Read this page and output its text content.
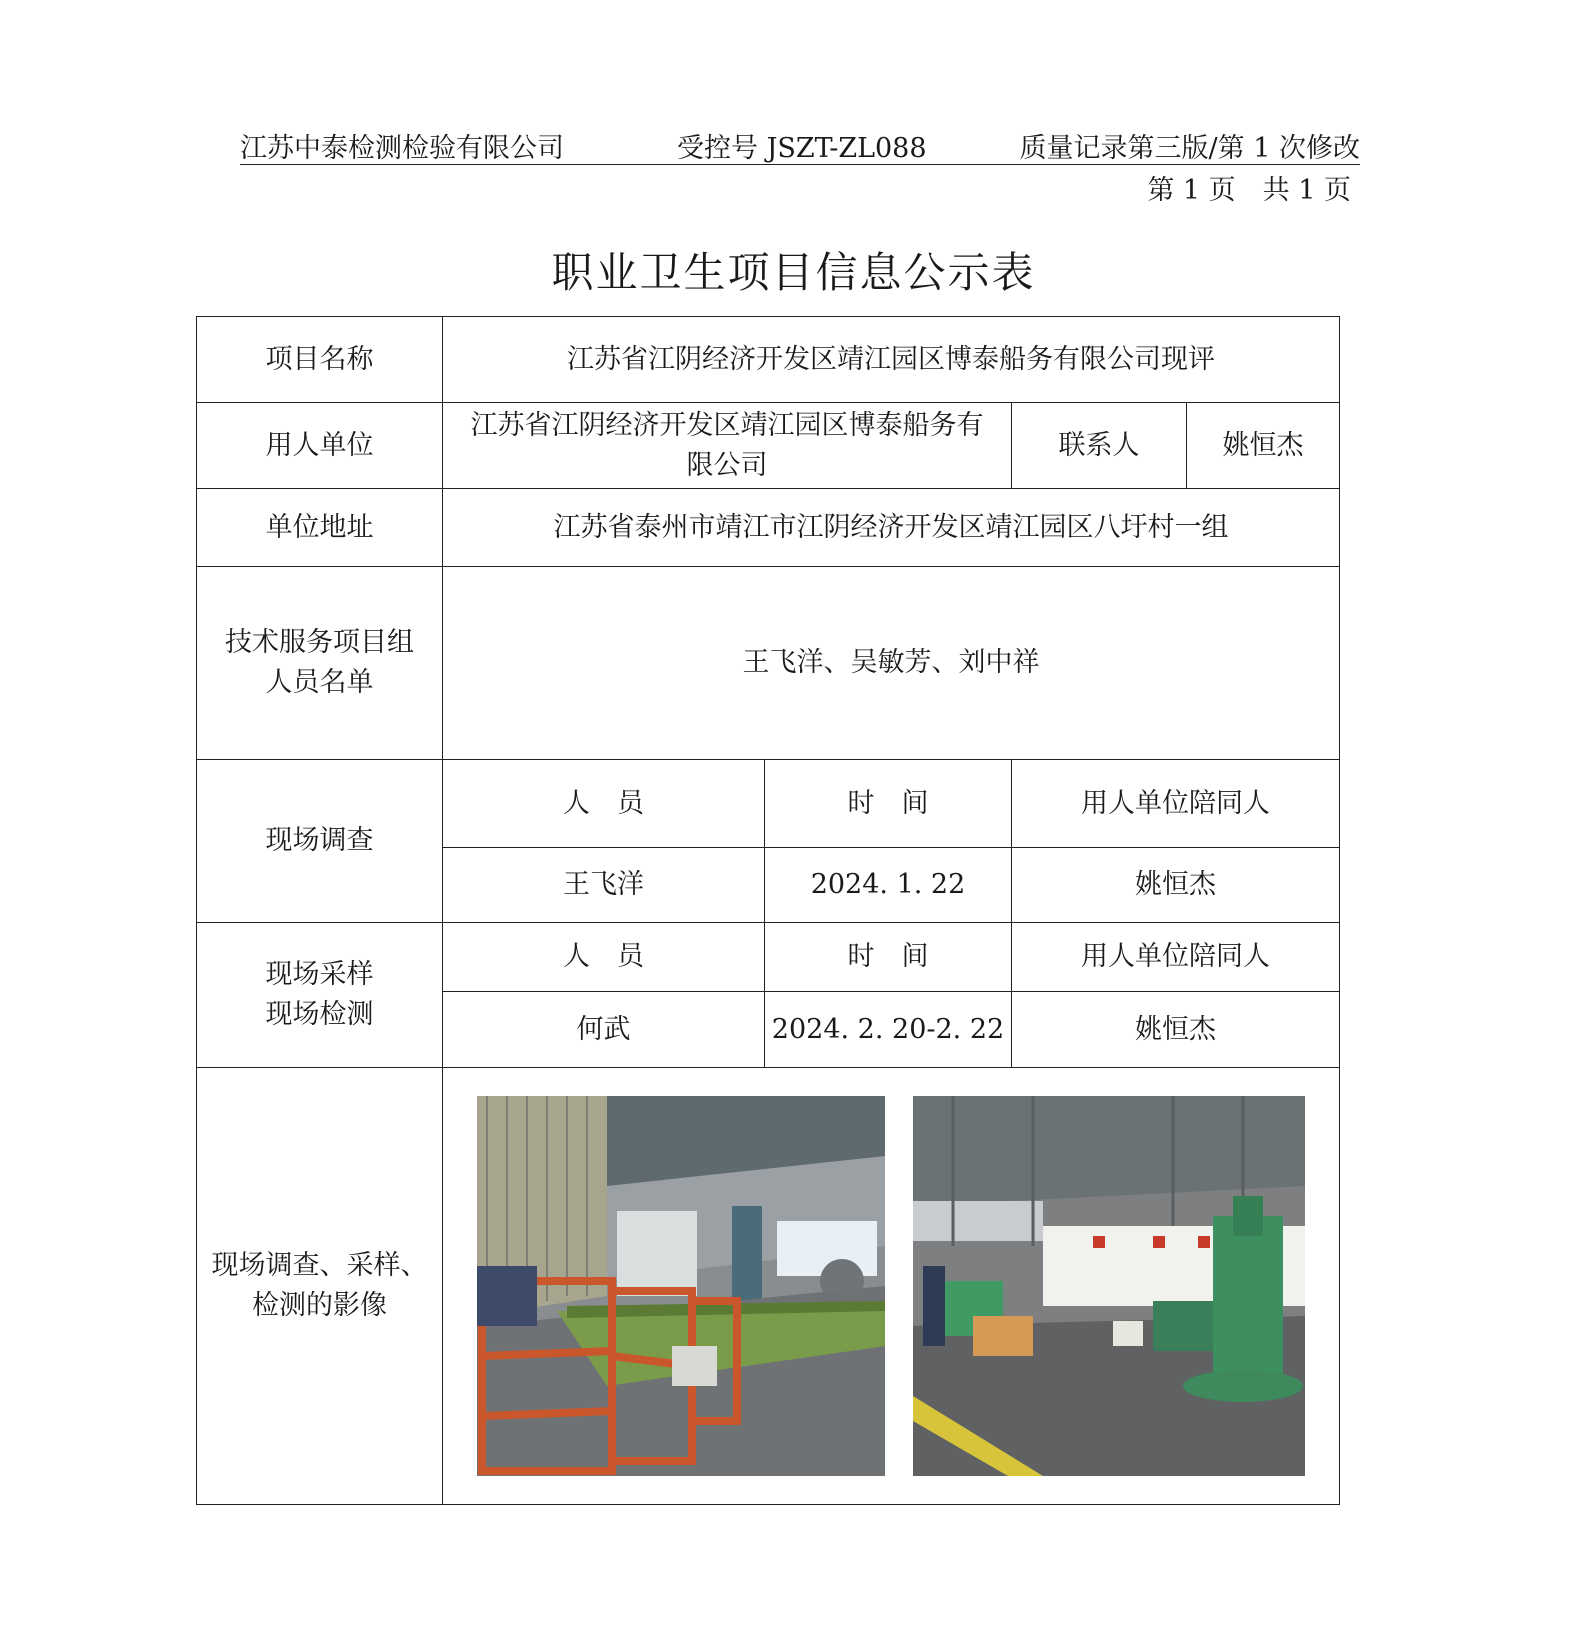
江苏中泰检测检验有限公司	受控号 JSZT-ZL088	质量记录第三版/第 1 次修改
第 1 页　共 1 页
职业卫生项目信息公示表
项目名称	江苏省江阴经济开发区靖江园区博泰船务有限公司现评			
用人单位	江苏省江阴经济开发区靖江园区博泰船务有
限公司		联系人	姚恒杰
单位地址	江苏省泰州市靖江市江阴经济开发区靖江园区八圩村一组			

技术服务项目组
人员名单	王飞洋、吴敏芳、刘中祥			
现场调查	人　员	时　间	用人单位陪同人	
	王飞洋	2024. 1. 22	姚恒杰	

现场采样
现场检测	人　员	时　间	用人单位陪同人	
	何武	2024. 2. 20-2. 22	姚恒杰	

现场调查、采样、
检测的影像
